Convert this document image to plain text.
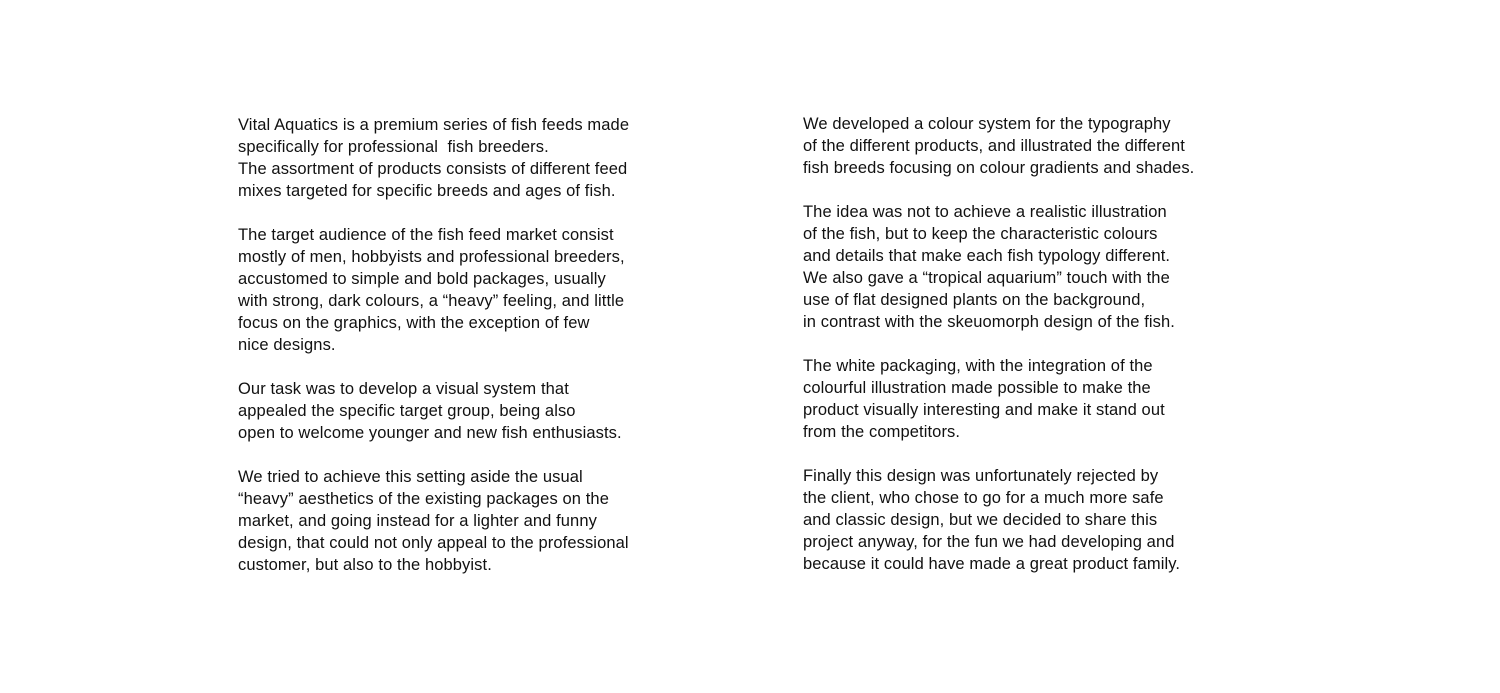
Vital Aquatics is a premium series of fish feeds made
specifically for professional  fish breeders.
The assortment of products consists of different feed
mixes targeted for specific breeds and ages of fish.

The target audience of the fish feed market consist
mostly of men, hobbyists and professional breeders,
accustomed to simple and bold packages, usually
with strong, dark colours, a “heavy” feeling, and little
focus on the graphics, with the exception of few
nice designs.

Our task was to develop a visual system that
appealed the specific target group, being also
open to welcome younger and new fish enthusiasts.

We tried to achieve this setting aside the usual
“heavy” aesthetics of the existing packages on the
market, and going instead for a lighter and funny
design, that could not only appeal to the professional
customer, but also to the hobbyist.

We developed a colour system for the typography
of the different products, and illustrated the different
fish breeds focusing on colour gradients and shades.

The idea was not to achieve a realistic illustration
of the fish, but to keep the characteristic colours
and details that make each fish typology different.
We also gave a “tropical aquarium” touch with the
use of flat designed plants on the background,
in contrast with the skeuomorph design of the fish.

The white packaging, with the integration of the
colourful illustration made possible to make the
product visually interesting and make it stand out
from the competitors.

Finally this design was unfortunately rejected by
the client, who chose to go for a much more safe
and classic design, but we decided to share this
project anyway, for the fun we had developing and
because it could have made a great product family.
